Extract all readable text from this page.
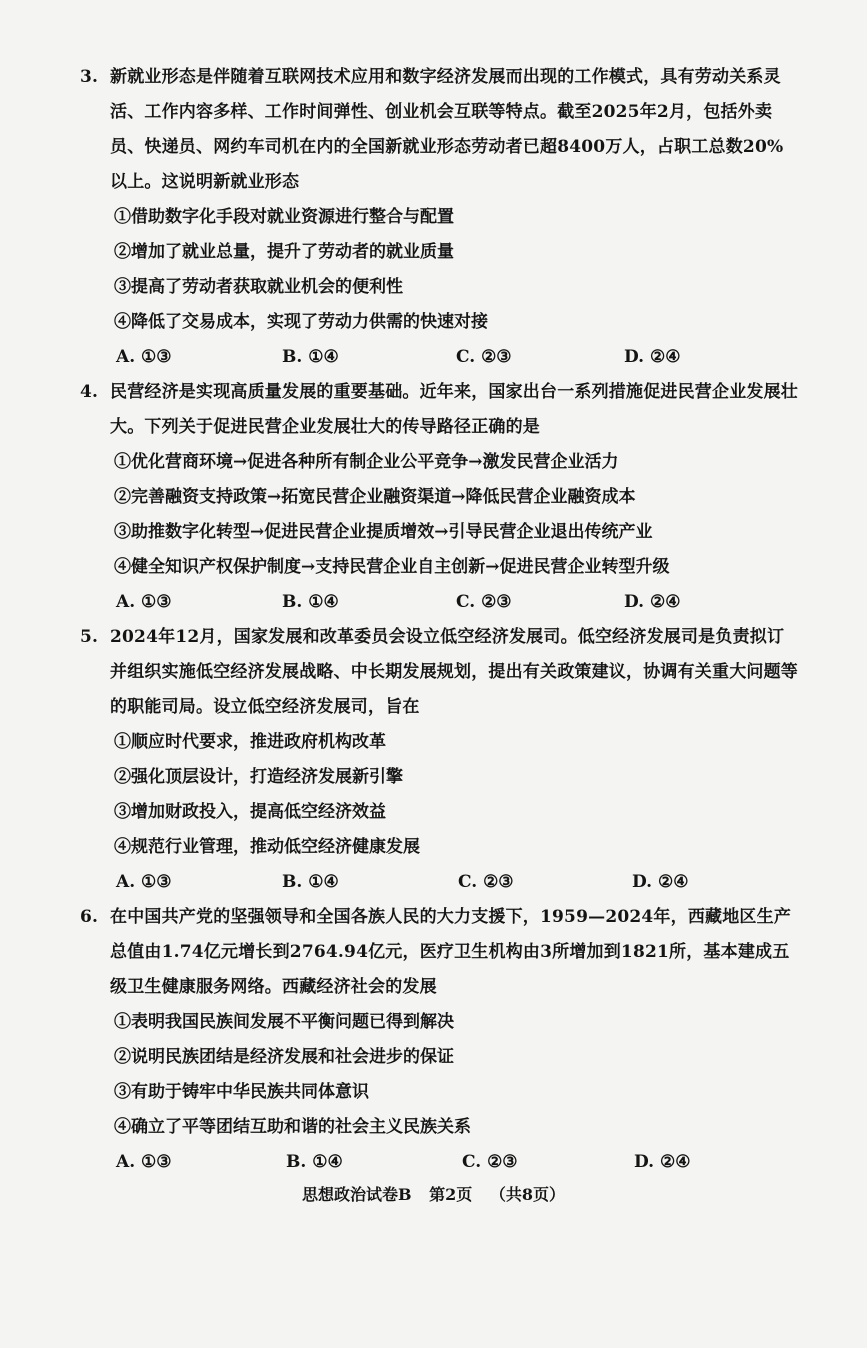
3. 新就业形态是伴随着互联网技术应用和数字经济发展而出现的工作模式，具有劳动关系灵活、工作内容多样、工作时间弹性、创业机会互联等特点。截至2025年2月，包括外卖员、快递员、网约车司机在内的全国新就业形态劳动者已超8400万人，占职工总数20%以上。这说明新就业形态
①借助数字化手段对就业资源进行整合与配置
②增加了就业总量，提升了劳动者的就业质量
③提高了劳动者获取就业机会的便利性
④降低了交易成本，实现了劳动力供需的快速对接
A. ①③	B. ①④	C. ②③	D. ②④
4. 民营经济是实现高质量发展的重要基础。近年来，国家出台一系列措施促进民营企业发展壮大。下列关于促进民营企业发展壮大的传导路径正确的是
①优化营商环境→促进各种所有制企业公平竞争→激发民营企业活力
②完善融资支持政策→拓宽民营企业融资渠道→降低民营企业融资成本
③助推数字化转型→促进民营企业提质增效→引导民营企业退出传统产业
④健全知识产权保护制度→支持民营企业自主创新→促进民营企业转型升级
A. ①③	B. ①④	C. ②③	D. ②④
5. 2024年12月，国家发展和改革委员会设立低空经济发展司。低空经济发展司是负责拟订并组织实施低空经济发展战略、中长期发展规划，提出有关政策建议，协调有关重大问题等的职能司局。设立低空经济发展司，旨在
①顺应时代要求，推进政府机构改革
②强化顶层设计，打造经济发展新引擎
③增加财政投入，提高低空经济效益
④规范行业管理，推动低空经济健康发展
A. ①③	B. ①④	C. ②③	D. ②④
6. 在中国共产党的坚强领导和全国各族人民的大力支援下，1959—2024年，西藏地区生产总值由1.74亿元增长到2764.94亿元，医疗卫生机构由3所增加到1821所，基本建成五级卫生健康服务网络。西藏经济社会的发展
①表明我国民族间发展不平衡问题已得到解决
②说明民族团结是经济发展和社会进步的保证
③有助于铸牢中华民族共同体意识
④确立了平等团结互助和谐的社会主义民族关系
A. ①③	B. ①④	C. ②③	D. ②④
思想政治试卷B 第2页 （共8页）
